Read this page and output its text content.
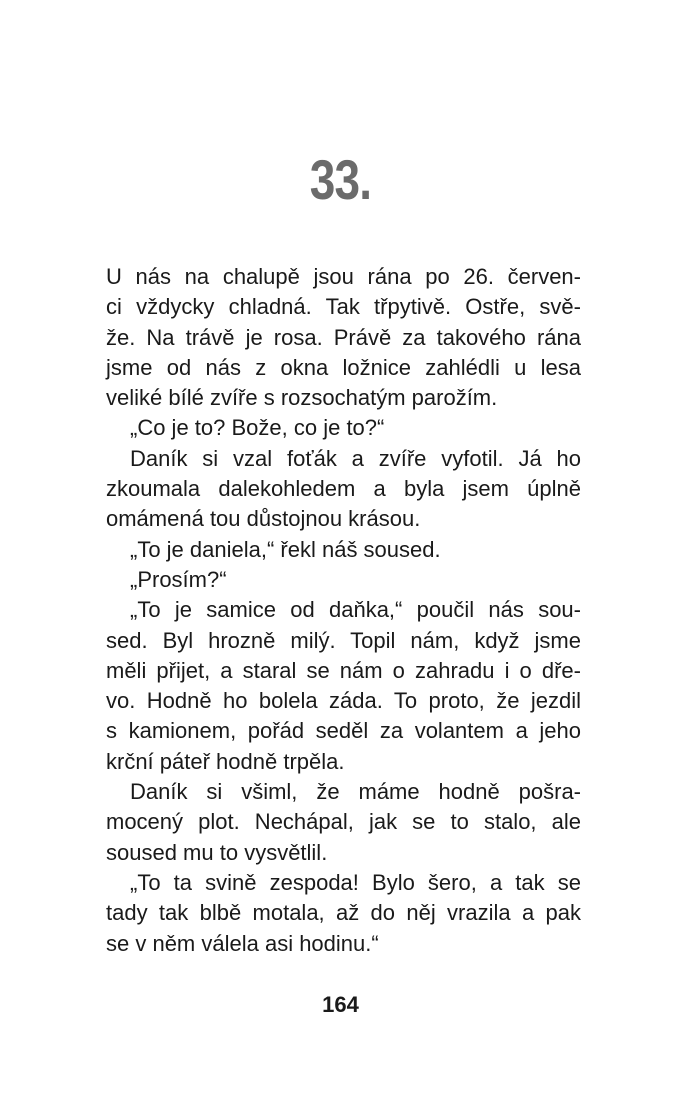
33.
U nás na chalupě jsou rána po 26. červen-
ci vždycky chladná. Tak třpytivě. Ostře, svě-
že. Na trávě je rosa. Právě za takového rána
jsme od nás z okna ložnice zahlédli u lesa
veliké bílé zvíře s rozsochatým parožím.
„Co je to? Bože, co je to?“
Daník si vzal foťák a zvíře vyfotil. Já ho
zkoumala dalekohledem a byla jsem úplně
omámená tou důstojnou krásou.
„To je daniela,“ řekl náš soused.
„Prosím?“
„To je samice od daňka,“ poučil nás sou-
sed. Byl hrozně milý. Topil nám, když jsme
měli přijet, a staral se nám o zahradu i o dře-
vo. Hodně ho bolela záda. To proto, že jezdil
s kamionem, pořád seděl za volantem a jeho
krční páteř hodně trpěla.
Daník si všiml, že máme hodně pošra-
mocený plot. Nechápal, jak se to stalo, ale
soused mu to vysvětlil.
„To ta svině zespoda! Bylo šero, a tak se
tady tak blbě motala, až do něj vrazila a pak
se v něm válela asi hodinu.“
164
